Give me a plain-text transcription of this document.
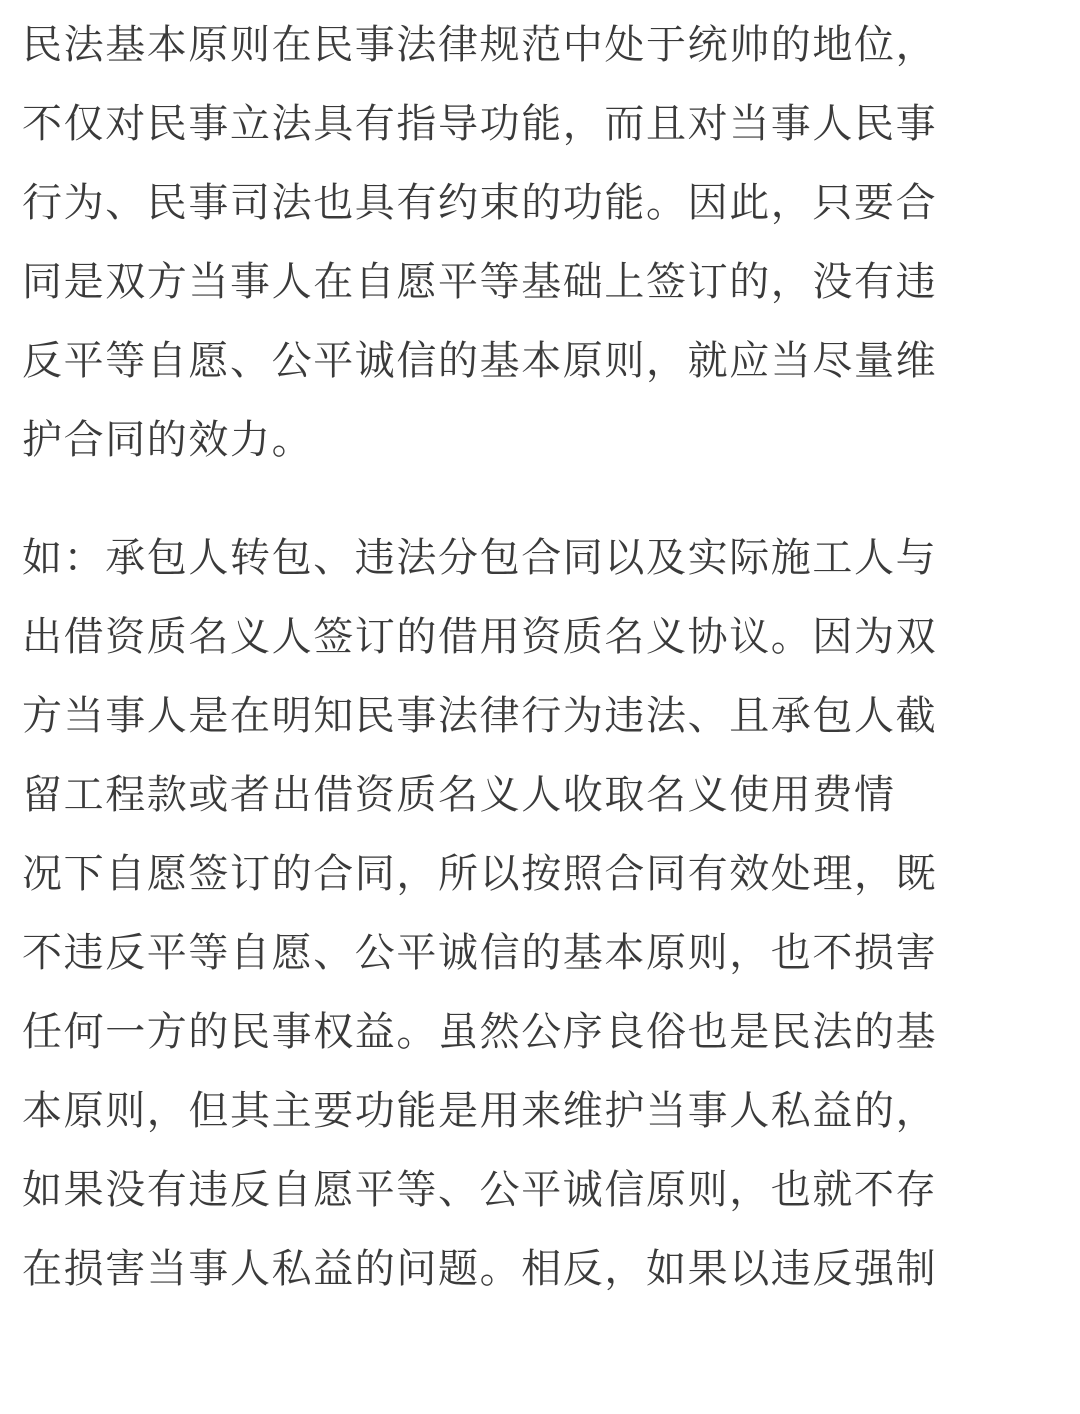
民法基本原则在民事法律规范中处于统帅的地位，
不仅对民事立法具有指导功能，而且对当事人民事
行为、民事司法也具有约束的功能。因此，只要合
同是双方当事人在自愿平等基础上签订的，没有违
反平等自愿、公平诚信的基本原则，就应当尽量维
护合同的效力。
如：承包人转包、违法分包合同以及实际施工人与
出借资质名义人签订的借用资质名义协议。因为双
方当事人是在明知民事法律行为违法、且承包人截
留工程款或者出借资质名义人收取名义使用费情
况下自愿签订的合同，所以按照合同有效处理，既
不违反平等自愿、公平诚信的基本原则，也不损害
任何一方的民事权益。虽然公序良俗也是民法的基
本原则，但其主要功能是用来维护当事人私益的，
如果没有违反自愿平等、公平诚信原则，也就不存
在损害当事人私益的问题。相反，如果以违反强制
